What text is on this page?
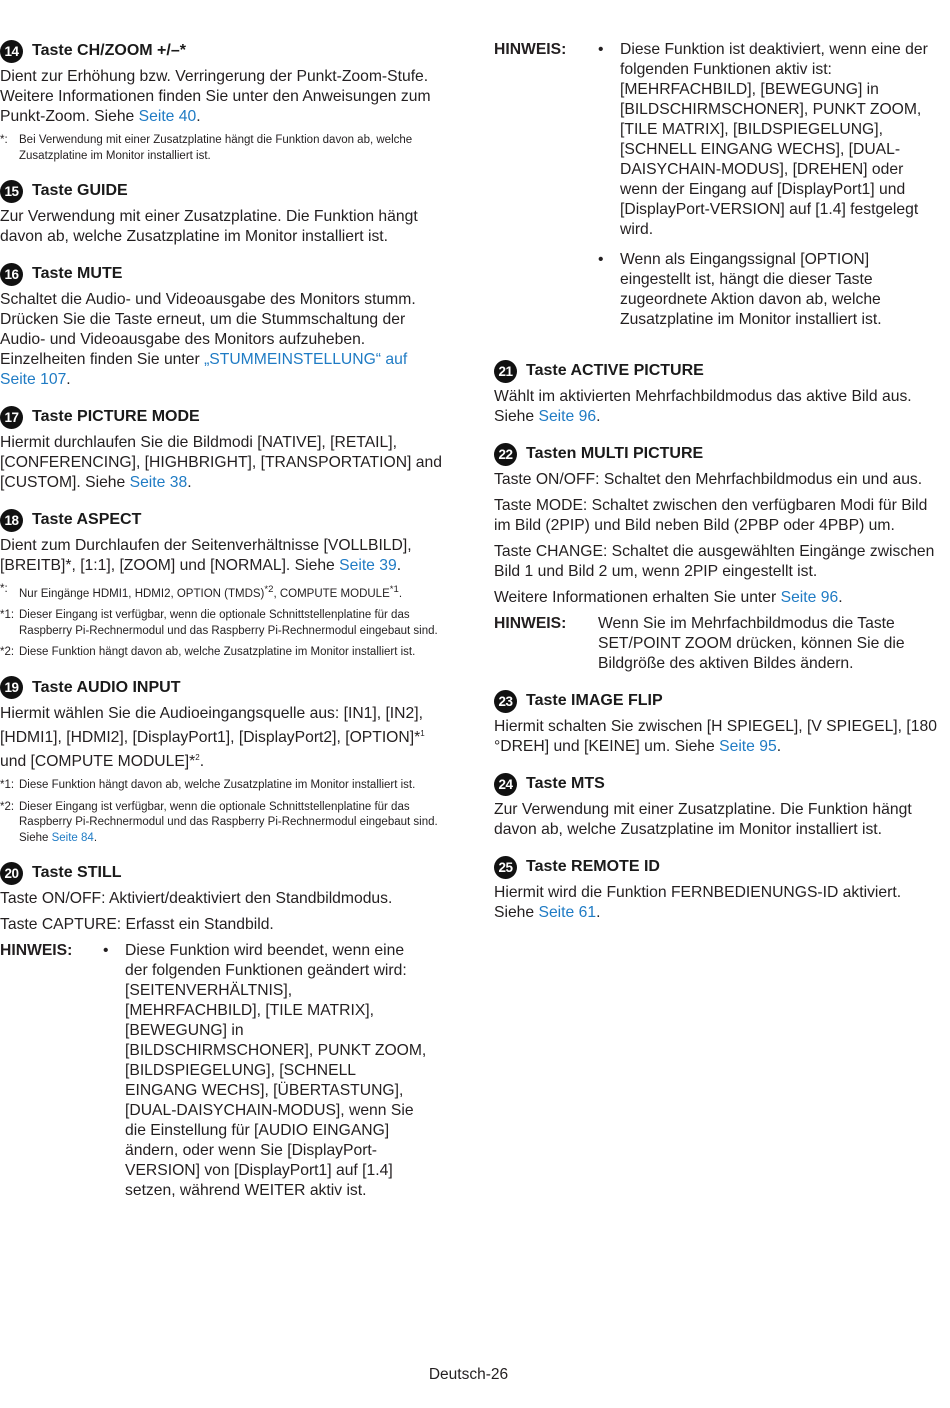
14 Taste CH/ZOOM +/–*

Dient zur Erhöhung bzw. Verringerung der Punkt-Zoom-Stufe. Weitere Informationen finden Sie unter den Anweisungen zum Punkt-Zoom. Siehe Seite 40.

*: Bei Verwendung mit einer Zusatzplatine hängt die Funktion davon ab, welche Zusatzplatine im Monitor installiert ist.
15 Taste GUIDE

Zur Verwendung mit einer Zusatzplatine. Die Funktion hängt davon ab, welche Zusatzplatine im Monitor installiert ist.

16 Taste MUTE

Schaltet die Audio- und Videoausgabe des Monitors stumm. Drücken Sie die Taste erneut, um die Stummschaltung der Audio- und Videoausgabe des Monitors aufzuheben. Einzelheiten finden Sie unter „STUMMEINSTELLUNG“ auf Seite 107.

17 Taste PICTURE MODE

Hiermit durchlaufen Sie die Bildmodi [NATIVE], [RETAIL], [CONFERENCING], [HIGHBRIGHT], [TRANSPORTATION] and [CUSTOM]. Siehe Seite 38.

18 Taste ASPECT

Dient zum Durchlaufen der Seitenverhältnisse [VOLLBILD], [BREITB]*, [1:1], [ZOOM] und [NORMAL]. Siehe Seite 39.

*: Nur Eingänge HDMI1, HDMI2, OPTION (TMDS)$^{*2}$, COMPUTE MODULE$^{*1}$.
*1: Dieser Eingang ist verfügbar, wenn die optionale Schnittstellenplatine für das Raspberry Pi-Rechnermodul und das Raspberry Pi-Rechnermodul eingebaut sind.
*2: Diese Funktion hängt davon ab, welche Zusatzplatine im Monitor installiert ist.
19 Taste AUDIO INPUT

Hiermit wählen Sie die Audioeingangsquelle aus: [IN1], [IN2], [HDMI1], [HDMI2], [DisplayPort1], [DisplayPort2], [OPTION]*$^1$ und [COMPUTE MODULE]*$^2$.

*1: Diese Funktion hängt davon ab, welche Zusatzplatine im Monitor installiert ist.
*2: Dieser Eingang ist verfügbar, wenn die optionale Schnittstellenplatine für das Raspberry Pi-Rechnermodul und das Raspberry Pi-Rechnermodul eingebaut sind. Siehe Seite 84.
20 Taste STILL

Taste ON/OFF: Aktiviert/deaktiviert den Standbildmodus.

Taste CAPTURE: Erfasst ein Standbild.

HINWEIS:	•	Diese Funktion wird beendet, wenn eine der folgenden Funktionen geändert wird: [SEITENVERHÄLTNIS], [MEHRFACHBILD], [TILE MATRIX], [BEWEGUNG] in [BILDSCHIRMSCHONER], PUNKT ZOOM, [BILDSPIEGELUNG], [SCHNELL EINGANG WECHS], [ÜBERTASTUNG], [DUAL-DAISYCHAIN-MODUS], wenn Sie die Einstellung für [AUDIO EINGANG] ändern, oder wenn Sie [DisplayPort-VERSION] von [DisplayPort1] auf [1.4] setzen, während WEITER aktiv ist.
HINWEIS:	•	Diese Funktion ist deaktiviert, wenn eine der folgenden Funktionen aktiv ist: [MEHRFACHBILD], [BEWEGUNG] in [BILDSCHIRMSCHONER], PUNKT ZOOM, [TILE MATRIX], [BILDSPIEGELUNG], [SCHNELL EINGANG WECHS], [DUAL-DAISYCHAIN-MODUS], [DREHEN] oder wenn der Eingang auf [DisplayPort1] und [DisplayPort-VERSION] auf [1.4] festgelegt wird.
•	Wenn als Eingangssignal [OPTION] eingestellt ist, hängt die dieser Taste zugeordnete Aktion davon ab, welche Zusatzplatine im Monitor installiert ist.
21 Taste ACTIVE PICTURE

Wählt im aktivierten Mehrfachbildmodus das aktive Bild aus. Siehe Seite 96.

22 Tasten MULTI PICTURE

Taste ON/OFF: Schaltet den Mehrfachbildmodus ein und aus.

Taste MODE: Schaltet zwischen den verfügbaren Modi für Bild im Bild (2PIP) und Bild neben Bild (2PBP oder 4PBP) um.

Taste CHANGE: Schaltet die ausgewählten Eingänge zwischen Bild 1 und Bild 2 um, wenn 2PIP eingestellt ist.

Weitere Informationen erhalten Sie unter Seite 96.

HINWEIS:	Wenn Sie im Mehrfachbildmodus die Taste SET/POINT ZOOM drücken, können Sie die Bildgröße des aktiven Bildes ändern.
23 Taste IMAGE FLIP

Hiermit schalten Sie zwischen [H SPIEGEL], [V SPIEGEL], [180 °DREH] und [KEINE] um. Siehe Seite 95.

24 Taste MTS

Zur Verwendung mit einer Zusatzplatine. Die Funktion hängt davon ab, welche Zusatzplatine im Monitor installiert ist.

25 Taste REMOTE ID

Hiermit wird die Funktion FERNBEDIENUNGS-ID aktiviert. Siehe Seite 61.

Deutsch-26
